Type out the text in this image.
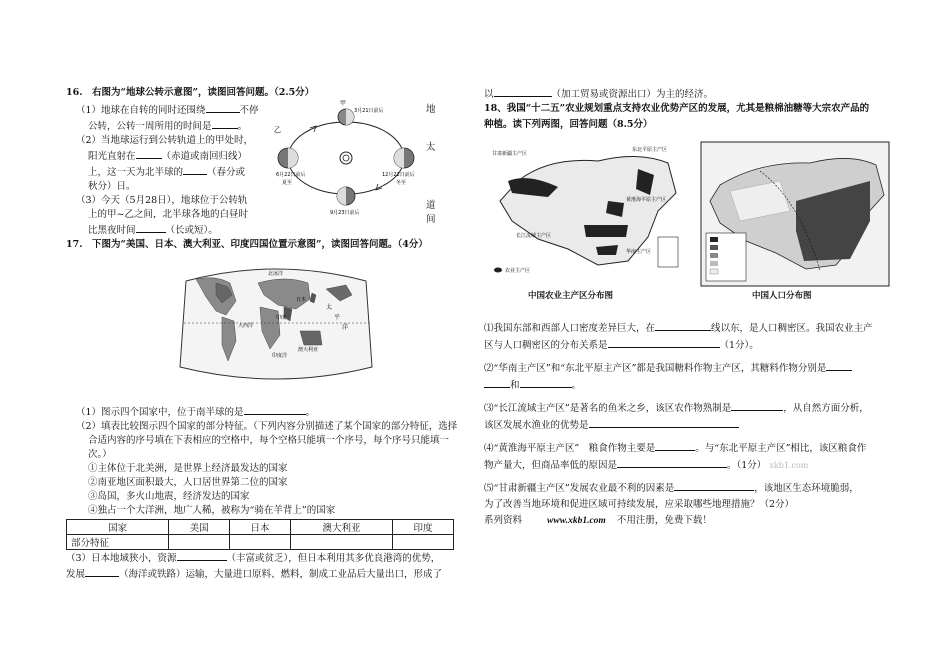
16.　右图为“地球公转示意图”，读图回答问题。（2.5分）
（1）地球在自转的同时还围绕	不停
公转，公转一周所用的时间是	。
（2）当地球运行到公转轨道上的甲处时，
阳光直射在	（赤道或南回归线）
上，这一天为北半球的	（春分或
秋分）日。
（3）今天（5月28日），地球位于公转轨
上的甲~乙之间，北半球各地的白昼时
比黑夜时间	（长或短）。
17.　下图为“美国、日本、澳大利亚、印度四国位置示意图”，读图回答问题。（4分）
地
太
道间
甲
3月21日前后
乙
6月22日前后
夏至
12月22日前后
冬至
9月23日前后
北冰洋
日本
印度
澳大利亚
太
平
洋
大西洋
印度洋
（1）图示四个国家中，位于南半球的是	。
（2）填表比较图示四个国家的部分特征。（下列内容分别描述了某个国家的部分特征，选择
合适内容的序号填在下表相应的空格中，每个空格只能填一个序号，每个序号只能填一
次。）
①主体位于北美洲，是世界上经济最发达的国家
②南亚地区面积最大，人口居世界第二位的国家
③岛国，多火山地震，经济发达的国家
④独占一个大洋洲，地广人稀，被称为“骑在羊背上”的国家
国家	美国	日本	澳大利亚	印度
部分特征				
（3）日本地域狭小，资源	（丰富或贫乏），但日本利用其多优良港湾的优势，
发展	（海洋或铁路）运输，大量进口原料、燃料，制成工业品后大量出口，形成了
以	（加工贸易或资源出口）为主的经济。
18、我国“十二五”农业规划重点支持农业优势产区的发展，尤其是粮棉油糖等大宗农产品的
种植。读下列两图，回答问题（8.5分）
甘肃新疆主产区
东北平原主产区
黄淮海平原主产区
长江流域主产区
华南主产区
农业主产区
中国农业主产区分布图	中国人口分布图
⑴我国东部和西部人口密度差异巨大，在	线以东，是人口稠密区。我国农业主产
区与人口稠密区的分布关系是	（1分）。
⑵“华南主产区”和“东北平原主产区”都是我国糖料作物主产区，其糖料作物分别是
和	。
⑶“长江流域主产区”是著名的鱼米之乡，该区农作物熟制是	，从自然方面分析，
该区发展水渔业的优势是
⑷“黄淮海平原主产区”　粮食作物主要是	。与“东北平原主产区”相比，该区粮食作
物产量大，但商品率低的原因是	。（1分） xkb1.com
⑸“甘肃新疆主产区”发展农业最不利的因素是	，该地区生态环境脆弱，
为了改善当地环境和促进区域可持续发展，应采取哪些地理措施？（2分）
系列资料	www.xkb1.com 不用注册，免费下载！
